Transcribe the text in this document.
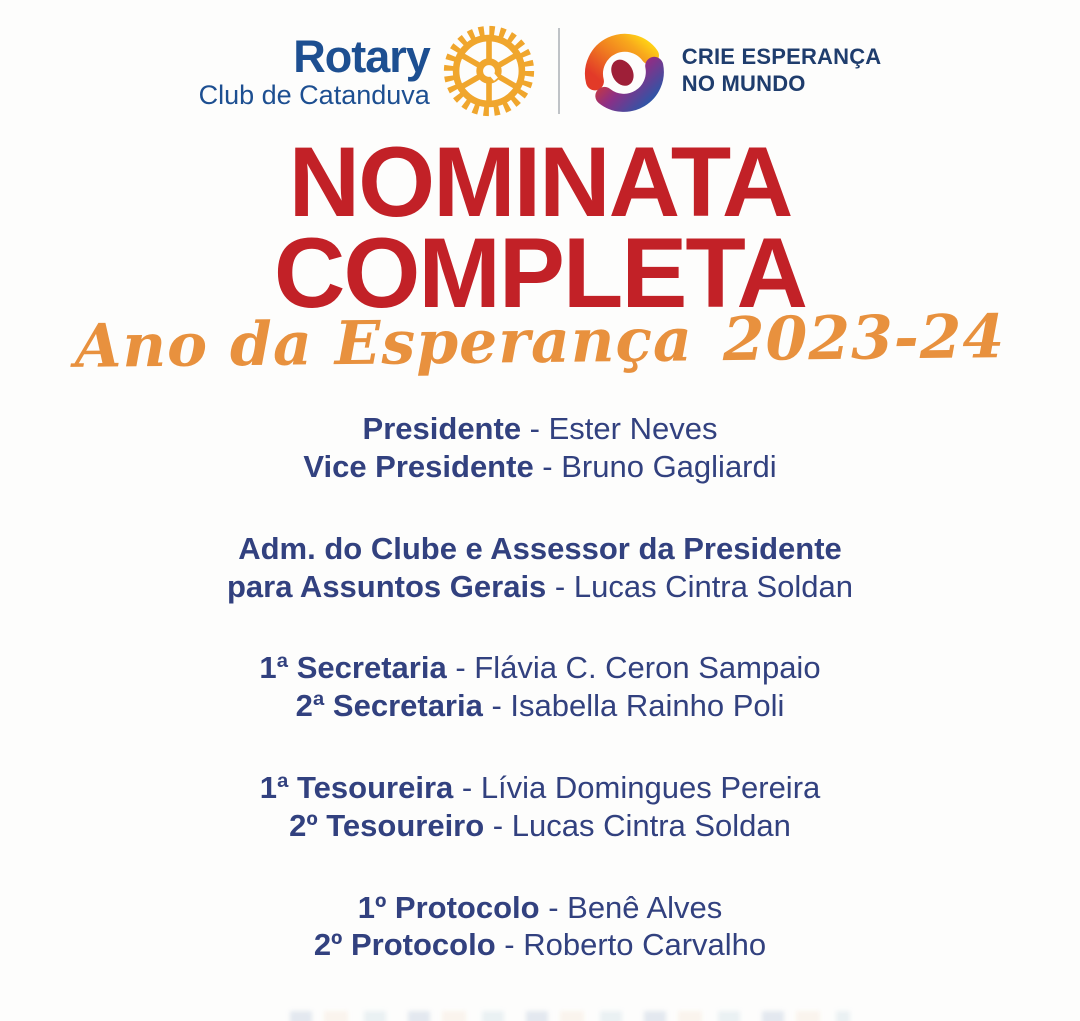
Rotary
Club de Catanduva
CRIE ESPERANÇA
NO MUNDO
NOMINATA
COMPLETA
Ano da Esperança 2023-24

Presidente - Ester Neves

Vice Presidente - Bruno Gagliardi

Adm. do Clube e Assessor da Presidente

para Assuntos Gerais - Lucas Cintra Soldan

1ª Secretaria - Flávia C. Ceron Sampaio

2ª Secretaria - Isabella Rainho Poli

1ª Tesoureira - Lívia Domingues Pereira

2º Tesoureiro - Lucas Cintra Soldan

1º Protocolo - Benê Alves

2º Protocolo - Roberto Carvalho
